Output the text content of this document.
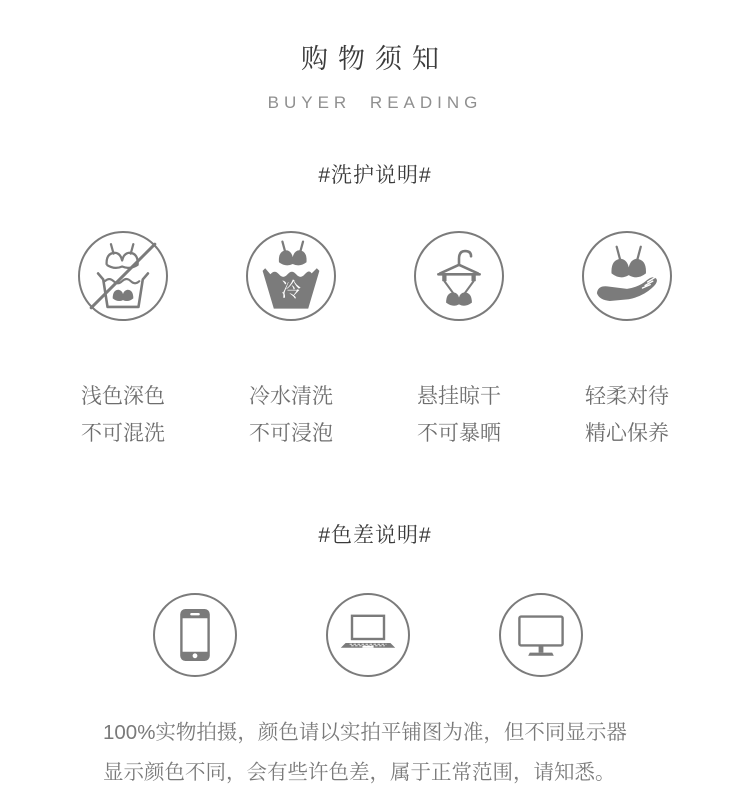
购物须知
BUYER READING
#洗护说明#
冷
浅色深色
不可混洗
冷水清洗
不可浸泡
悬挂晾干
不可暴晒
轻柔对待
精心保养
#色差说明#
100%实物拍摄，颜色请以实拍平铺图为准，但不同显示器
显示颜色不同，会有些许色差，属于正常范围，请知悉。
